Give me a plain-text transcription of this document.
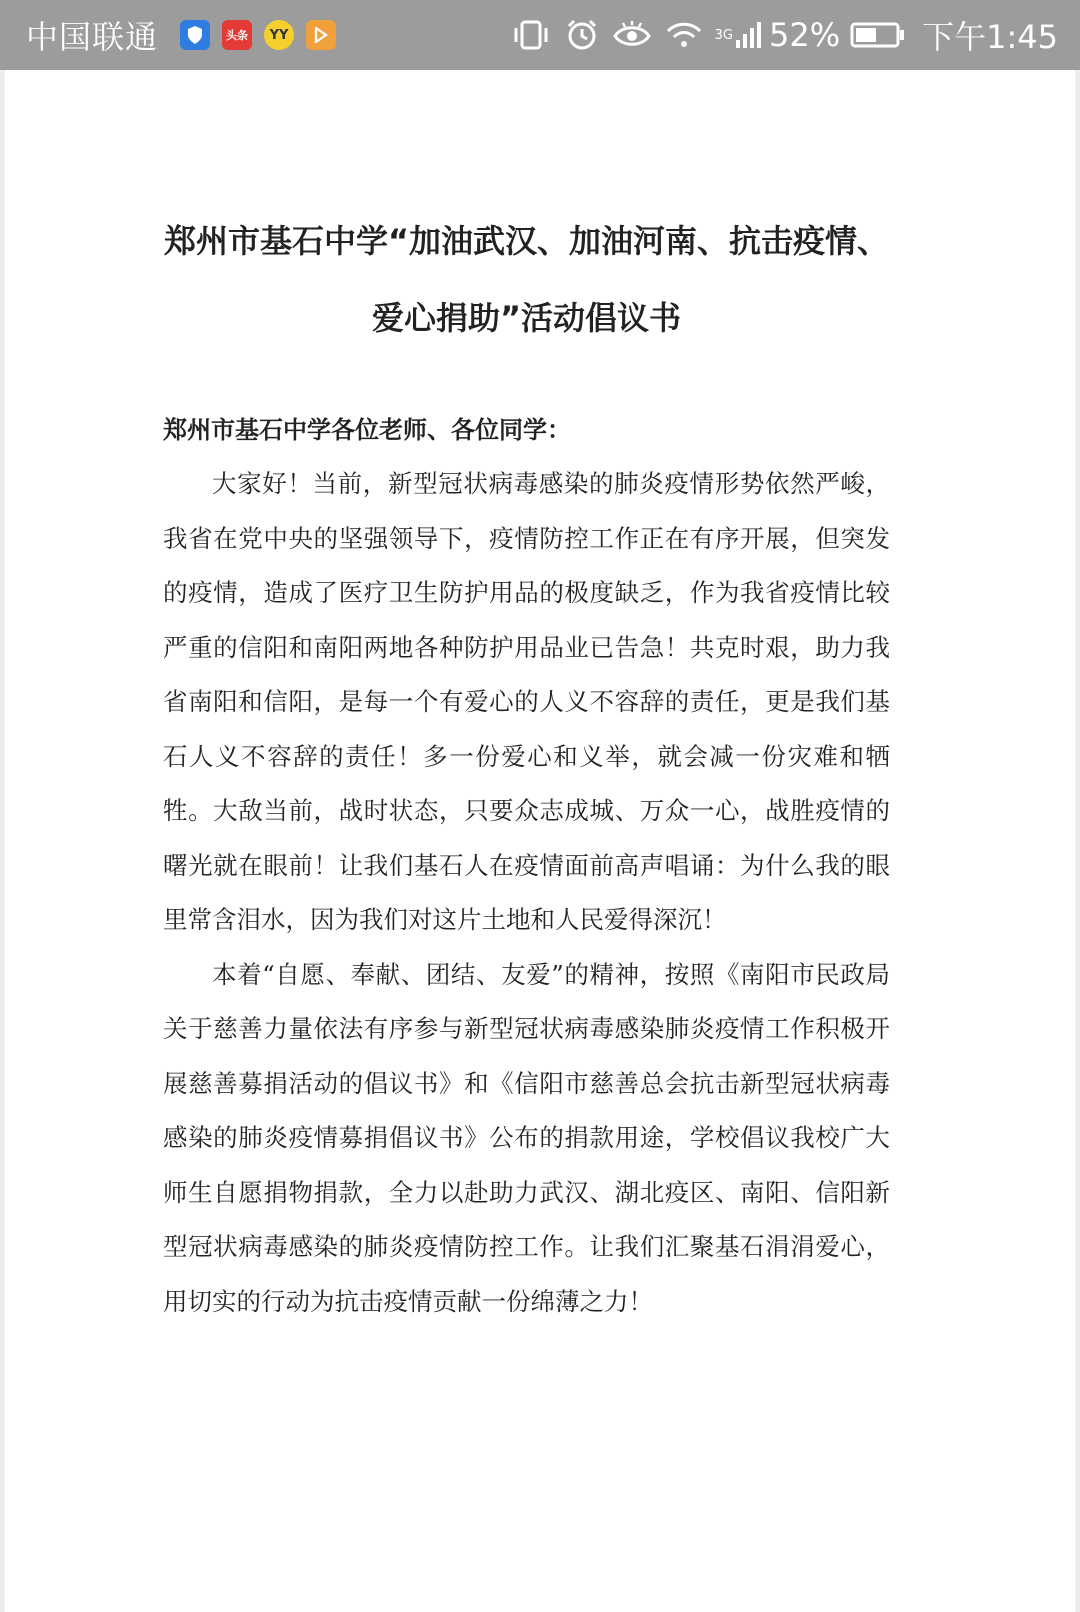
中国联通	头条	YY	3G 52%	下午1:45
郑州市基石中学“加油武汉、加油河南、抗击疫情、
爱心捐助”活动倡议书
郑州市基石中学各位老师、各位同学：

大家好！当前，新型冠状病毒感染的肺炎疫情形势依然严峻，我省在党中央的坚强领导下，疫情防控工作正在有序开展，但突发的疫情，造成了医疗卫生防护用品的极度缺乏，作为我省疫情比较严重的信阳和南阳两地各种防护用品业已告急！共克时艰，助力我省南阳和信阳，是每一个有爱心的人义不容辞的责任，更是我们基石人义不容辞的责任！多一份爱心和义举，就会减一份灾难和牺牲。大敌当前，战时状态，只要众志成城、万众一心，战胜疫情的曙光就在眼前！让我们基石人在疫情面前高声唱诵：为什么我的眼里常含泪水，因为我们对这片土地和人民爱得深沉！

本着“自愿、奉献、团结、友爱”的精神，按照《南阳市民政局关于慈善力量依法有序参与新型冠状病毒感染肺炎疫情工作积极开展慈善募捐活动的倡议书》和《信阳市慈善总会抗击新型冠状病毒感染的肺炎疫情募捐倡议书》公布的捐款用途，学校倡议我校广大师生自愿捐物捐款，全力以赴助力武汉、湖北疫区、南阳、信阳新型冠状病毒感染的肺炎疫情防控工作。让我们汇聚基石涓涓爱心，用切实的行动为抗击疫情贡献一份绵薄之力！
